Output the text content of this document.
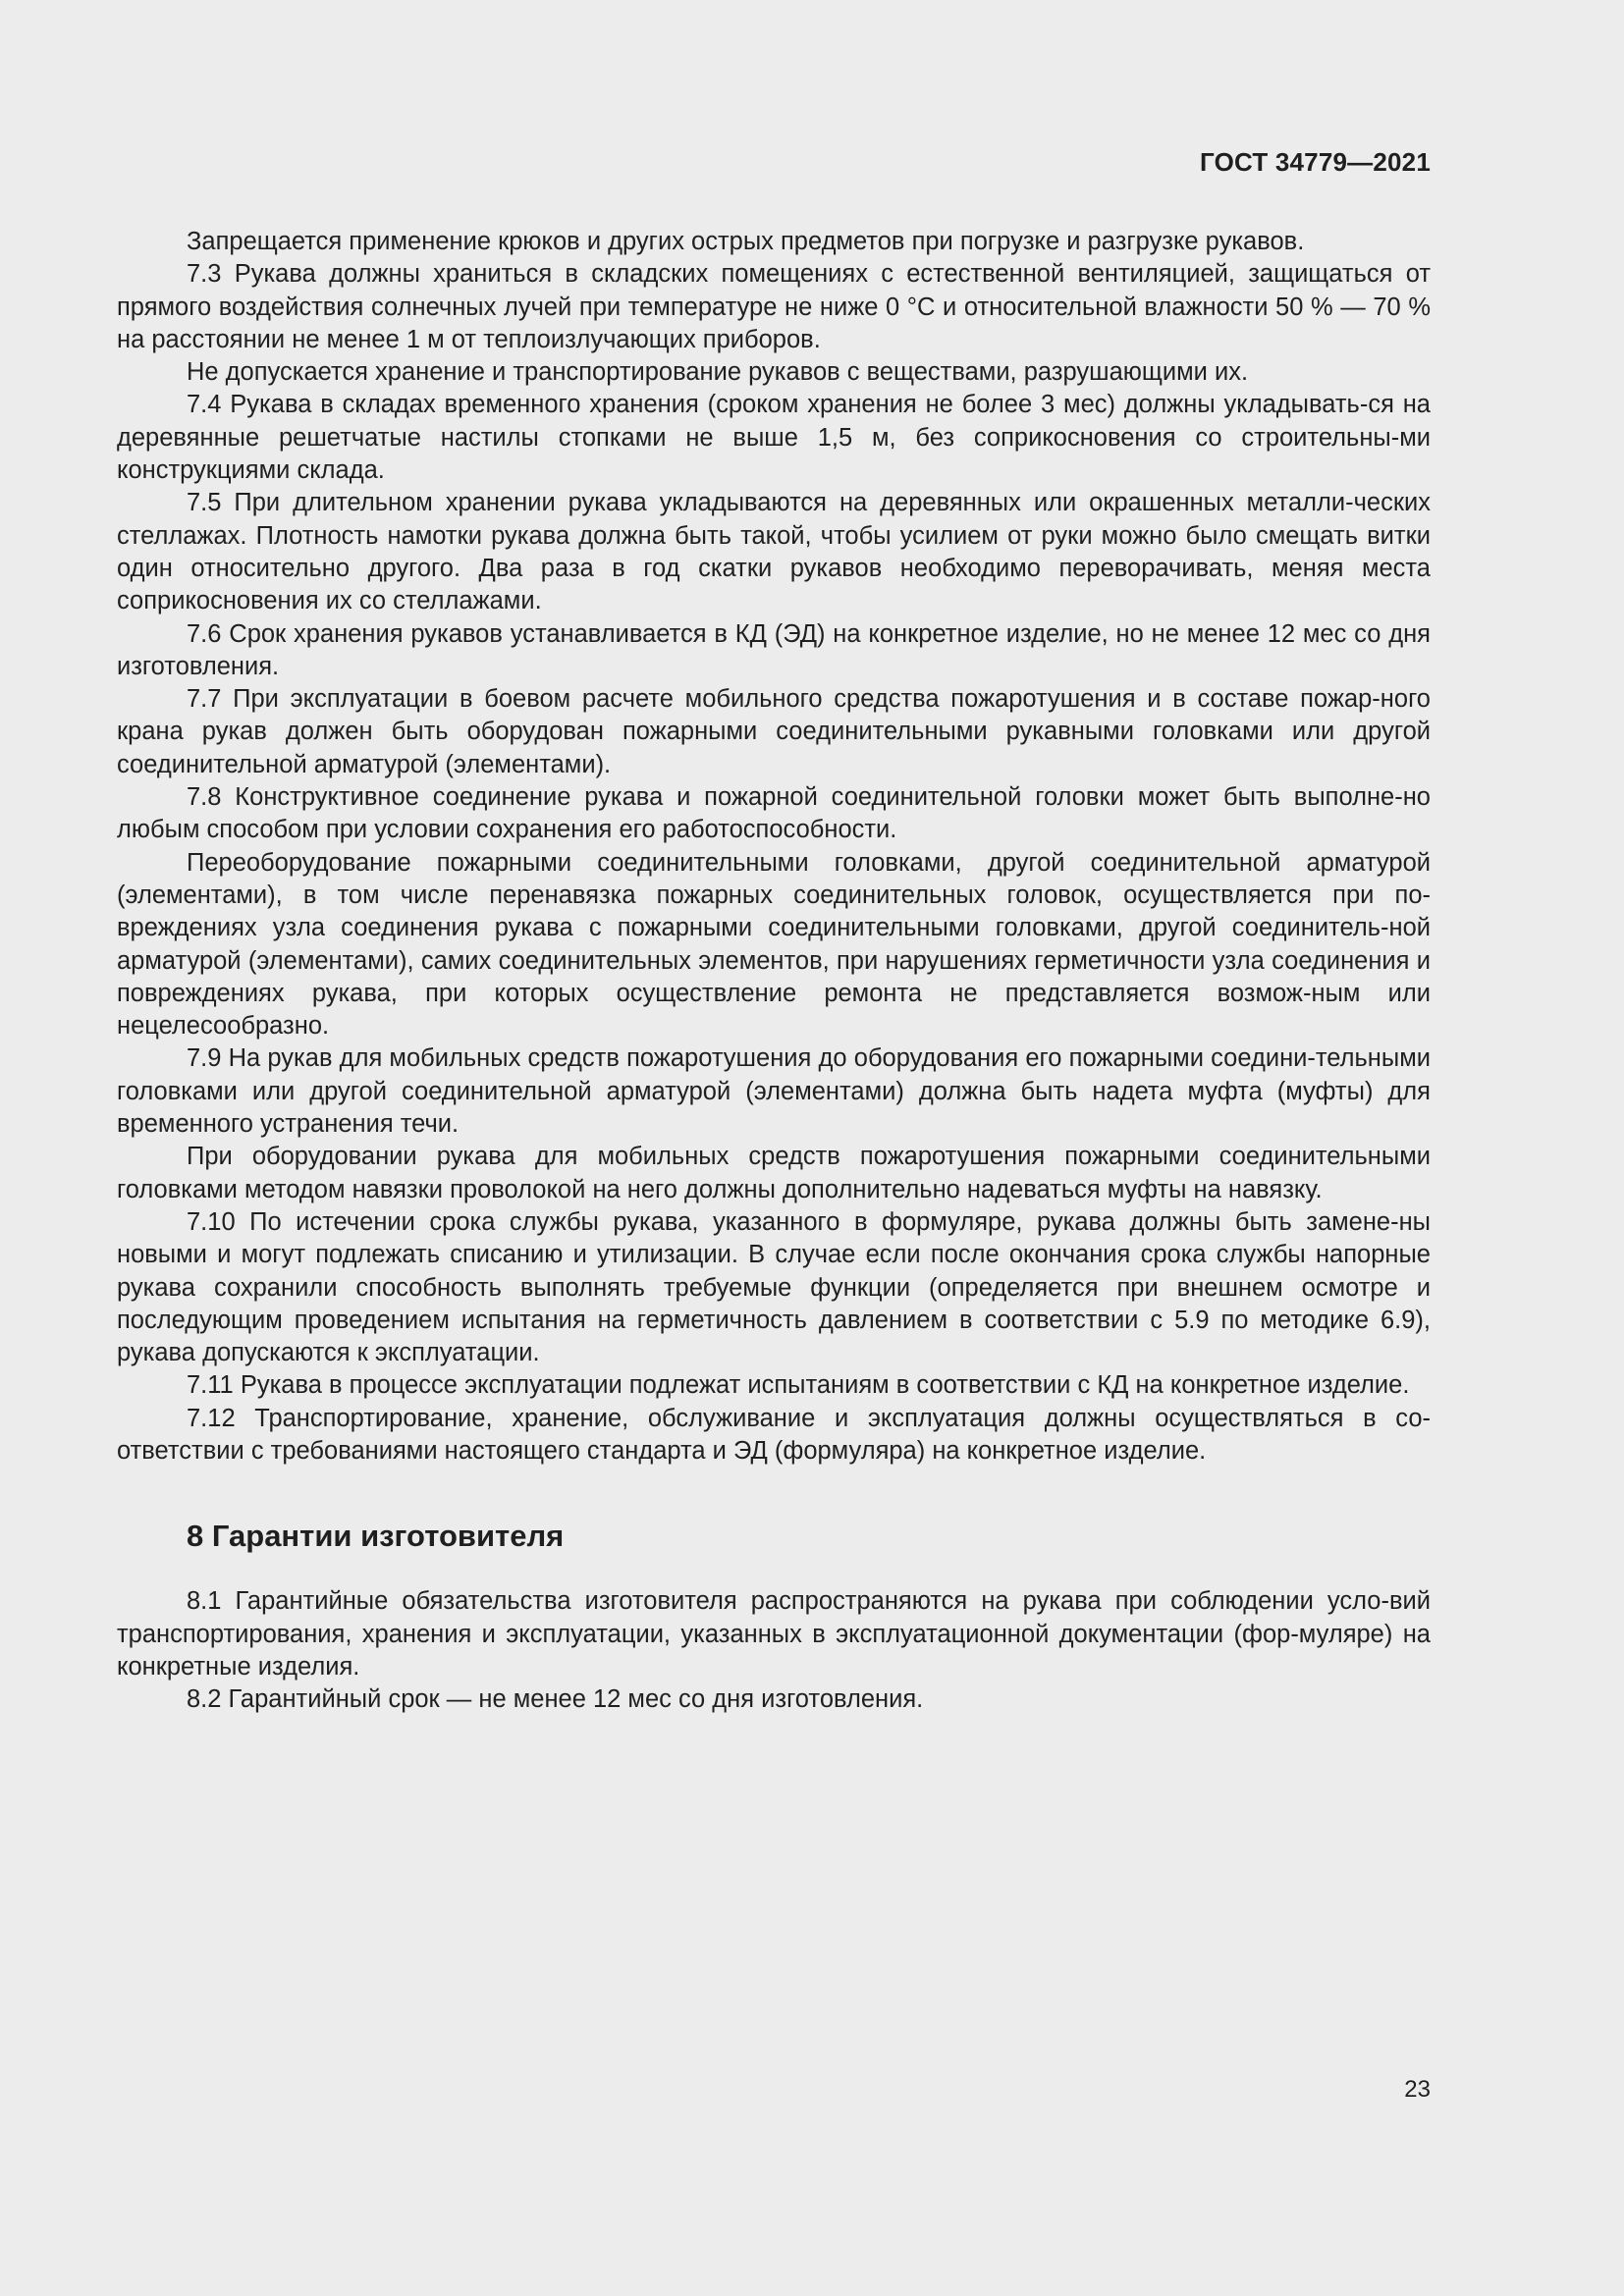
ГОСТ 34779—2021

Запрещается применение крюков и других острых предметов при погрузке и разгрузке рукавов.

7.3 Рукава должны храниться в складских помещениях с естественной вентиляцией, защищаться от прямого воздействия солнечных лучей при температуре не ниже 0 °С и относительной влажности 50 % — 70 % на расстоянии не менее 1 м от теплоизлучающих приборов.

Не допускается хранение и транспортирование рукавов с веществами, разрушающими их.

7.4 Рукава в складах временного хранения (сроком хранения не более 3 мес) должны укладывать-ся на деревянные решетчатые настилы стопками не выше 1,5 м, без соприкосновения со строительны-ми конструкциями склада.

7.5 При длительном хранении рукава укладываются на деревянных или окрашенных металли-ческих стеллажах. Плотность намотки рукава должна быть такой, чтобы усилием от руки можно было смещать витки один относительно другого. Два раза в год скатки рукавов необходимо переворачивать, меняя места соприкосновения их со стеллажами.

7.6 Срок хранения рукавов устанавливается в КД (ЭД) на конкретное изделие, но не менее 12 мес со дня изготовления.

7.7 При эксплуатации в боевом расчете мобильного средства пожаротушения и в составе пожар-ного крана рукав должен быть оборудован пожарными соединительными рукавными головками или другой соединительной арматурой (элементами).

7.8 Конструктивное соединение рукава и пожарной соединительной головки может быть выполне-но любым способом при условии сохранения его работоспособности.

Переоборудование пожарными соединительными головками, другой соединительной арматурой (элементами), в том числе перенавязка пожарных соединительных головок, осуществляется при по-вреждениях узла соединения рукава с пожарными соединительными головками, другой соединитель-ной арматурой (элементами), самих соединительных элементов, при нарушениях герметичности узла соединения и повреждениях рукава, при которых осуществление ремонта не представляется возмож-ным или нецелесообразно.

7.9 На рукав для мобильных средств пожаротушения до оборудования его пожарными соедини-тельными головками или другой соединительной арматурой (элементами) должна быть надета муфта (муфты) для временного устранения течи.

При оборудовании рукава для мобильных средств пожаротушения пожарными соединительными головками методом навязки проволокой на него должны дополнительно надеваться муфты на навязку.

7.10 По истечении срока службы рукава, указанного в формуляре, рукава должны быть замене-ны новыми и могут подлежать списанию и утилизации. В случае если после окончания срока службы напорные рукава сохранили способность выполнять требуемые функции (определяется при внешнем осмотре и последующим проведением испытания на герметичность давлением в соответствии с 5.9 по методике 6.9), рукава допускаются к эксплуатации.

7.11 Рукава в процессе эксплуатации подлежат испытаниям в соответствии с КД на конкретное изделие.

7.12 Транспортирование, хранение, обслуживание и эксплуатация должны осуществляться в со-ответствии с требованиями настоящего стандарта и ЭД (формуляра) на конкретное изделие.

8 Гарантии изготовителя

8.1 Гарантийные обязательства изготовителя распространяются на рукава при соблюдении усло-вий транспортирования, хранения и эксплуатации, указанных в эксплуатационной документации (фор-муляре) на конкретные изделия.

8.2 Гарантийный срок — не менее 12 мес со дня изготовления.

23
